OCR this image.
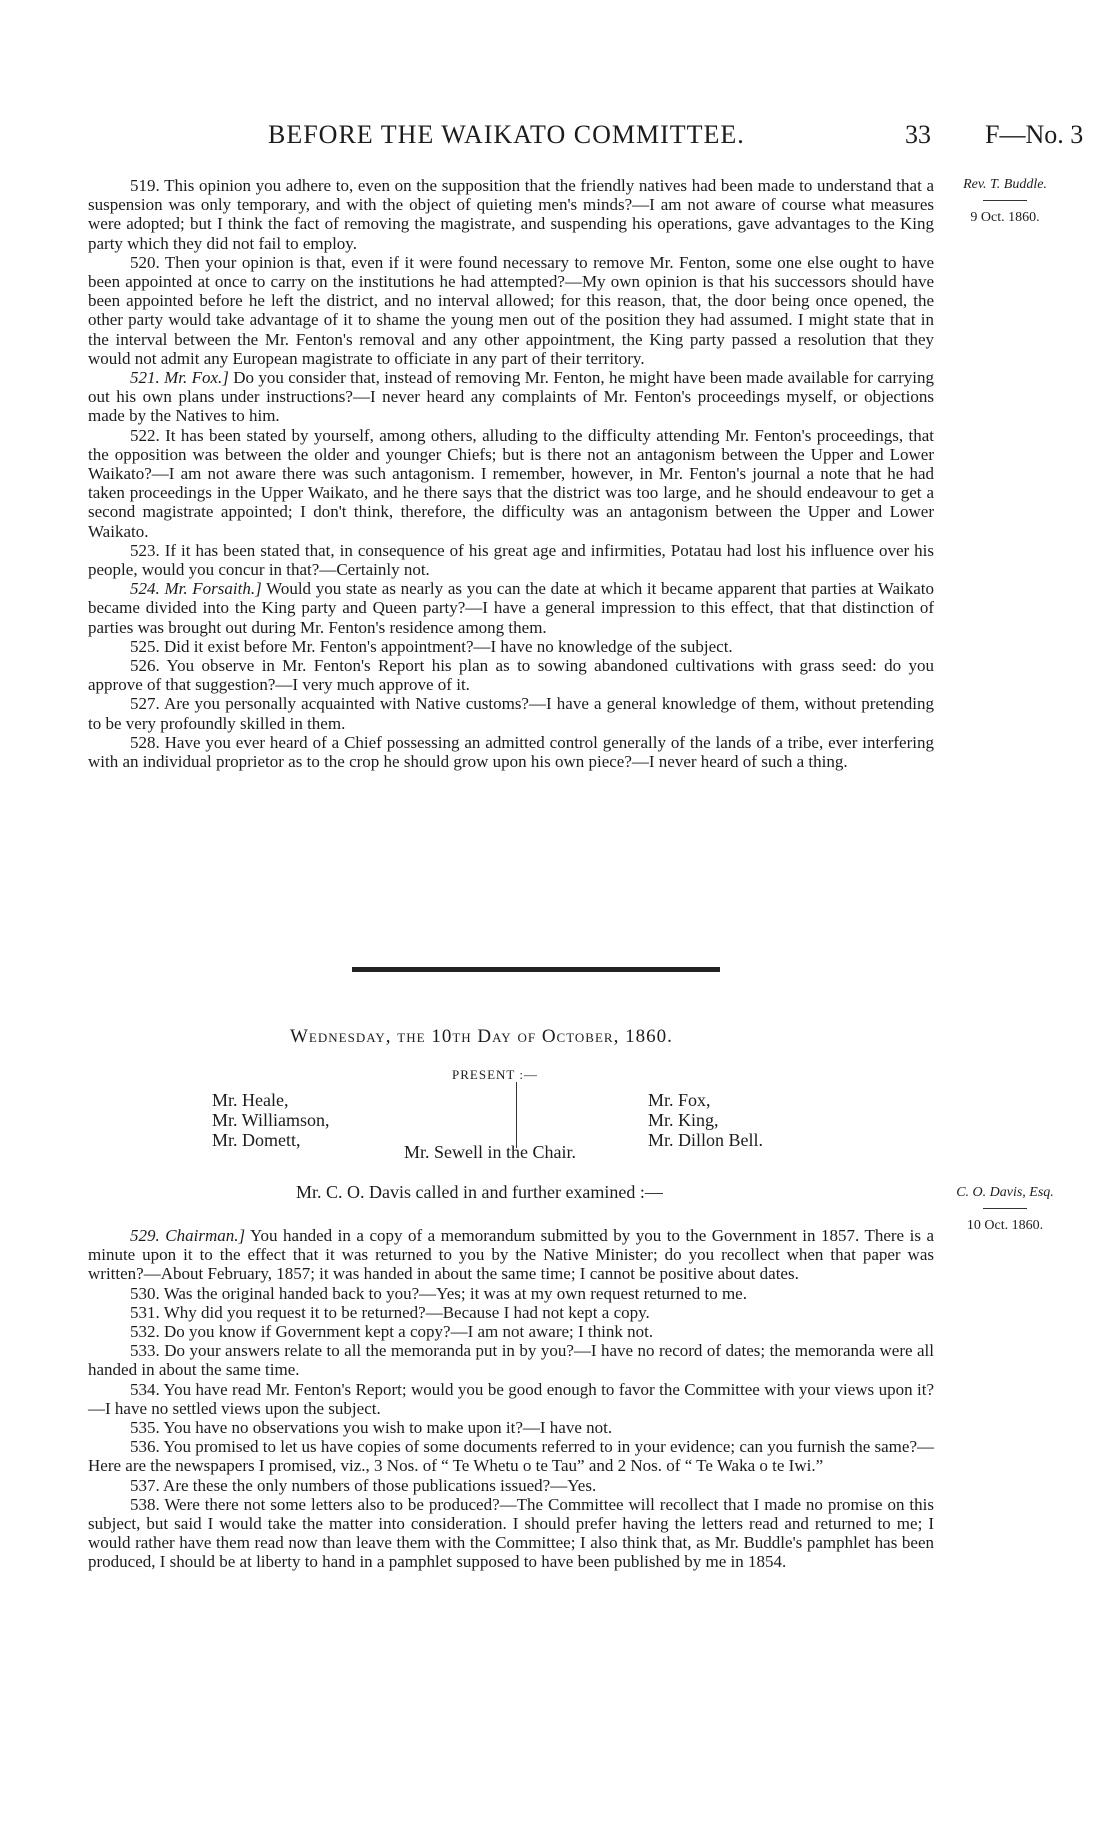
BEFORE THE WAIKATO COMMITTEE.	33 F—No. 3
Rev. T. Buddle.
9 Oct. 1860.

519. This opinion you adhere to, even on the supposition that the friendly natives had been made to understand that a suspension was only temporary, and with the object of quieting men's minds?—I am not aware of course what measures were adopted; but I think the fact of removing the magistrate, and suspending his operations, gave advantages to the King party which they did not fail to employ.

520. Then your opinion is that, even if it were found necessary to remove Mr. Fenton, some one else ought to have been appointed at once to carry on the institutions he had attempted?—My own opinion is that his successors should have been appointed before he left the district, and no interval allowed; for this reason, that, the door being once opened, the other party would take advantage of it to shame the young men out of the position they had assumed. I might state that in the interval between the Mr. Fenton's removal and any other appointment, the King party passed a resolution that they would not admit any European magistrate to officiate in any part of their territory.

521. Mr. Fox.] Do you consider that, instead of removing Mr. Fenton, he might have been made available for carrying out his own plans under instructions?—I never heard any complaints of Mr. Fenton's proceedings myself, or objections made by the Natives to him.

522. It has been stated by yourself, among others, alluding to the difficulty attending Mr. Fenton's proceedings, that the opposition was between the older and younger Chiefs; but is there not an antagonism between the Upper and Lower Waikato?—I am not aware there was such antagonism. I remember, however, in Mr. Fenton's journal a note that he had taken proceedings in the Upper Waikato, and he there says that the district was too large, and he should endeavour to get a second magistrate appointed; I don't think, therefore, the difficulty was an antagonism between the Upper and Lower Waikato.

523. If it has been stated that, in consequence of his great age and infirmities, Potatau had lost his influence over his people, would you concur in that?—Certainly not.

524. Mr. Forsaith.] Would you state as nearly as you can the date at which it became apparent that parties at Waikato became divided into the King party and Queen party?—I have a general impression to this effect, that that distinction of parties was brought out during Mr. Fenton's residence among them.

525. Did it exist before Mr. Fenton's appointment?—I have no knowledge of the subject.

526. You observe in Mr. Fenton's Report his plan as to sowing abandoned cultivations with grass seed: do you approve of that suggestion?—I very much approve of it.

527. Are you personally acquainted with Native customs?—I have a general knowledge of them, without pretending to be very profoundly skilled in them.

528. Have you ever heard of a Chief possessing an admitted control generally of the lands of a tribe, ever interfering with an individual proprietor as to the crop he should grow upon his own piece?—I never heard of such a thing.

Wednesday, the 10th Day of October, 1860.
PRESENT :—
Mr. Heale,
Mr. Williamson,
Mr. Domett,
Mr. Fox,
Mr. King,
Mr. Dillon Bell.
Mr. Sewell in the Chair.
Mr. C. O. Davis called in and further examined :—	C. O. Davis, Esq.
10 Oct. 1860.

529. Chairman.] You handed in a copy of a memorandum submitted by you to the Government in 1857. There is a minute upon it to the effect that it was returned to you by the Native Minister; do you recollect when that paper was written?—About February, 1857; it was handed in about the same time; I cannot be positive about dates.

530. Was the original handed back to you?—Yes; it was at my own request returned to me.

531. Why did you request it to be returned?—Because I had not kept a copy.

532. Do you know if Government kept a copy?—I am not aware; I think not.

533. Do your answers relate to all the memoranda put in by you?—I have no record of dates; the memoranda were all handed in about the same time.

534. You have read Mr. Fenton's Report; would you be good enough to favor the Committee with your views upon it?—I have no settled views upon the subject.

535. You have no observations you wish to make upon it?—I have not.

536. You promised to let us have copies of some documents referred to in your evidence; can you furnish the same?—Here are the newspapers I promised, viz., 3 Nos. of “ Te Whetu o te Tau” and 2 Nos. of “ Te Waka o te Iwi.”

537. Are these the only numbers of those publications issued?—Yes.

538. Were there not some letters also to be produced?—The Committee will recollect that I made no promise on this subject, but said I would take the matter into consideration. I should prefer having the letters read and returned to me; I would rather have them read now than leave them with the Committee; I also think that, as Mr. Buddle's pamphlet has been produced, I should be at liberty to hand in a pamphlet supposed to have been published by me in 1854.
